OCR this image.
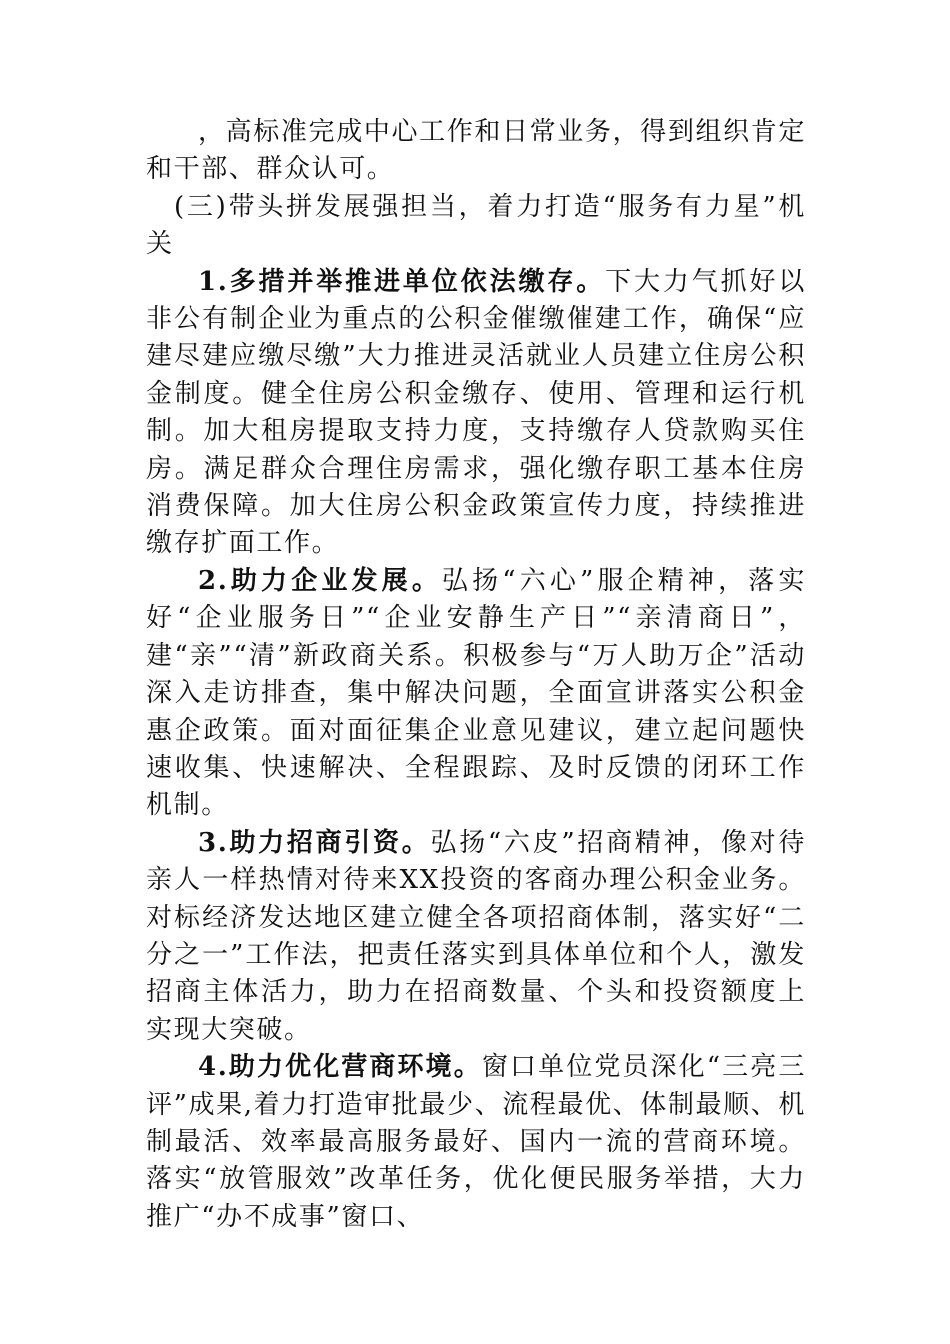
，高标准完成中心工作和日常业务，得到组织肯定和干部、群众认可。

(三)带头拼发展强担当，着力打造“服务有力星”机关

1.多措并举推进单位依法缴存。下大力气抓好以非公有制企业为重点的公积金催缴催建工作，确保“应建尽建应缴尽缴”大力推进灵活就业人员建立住房公积金制度。健全住房公积金缴存、使用、管理和运行机制。加大租房提取支持力度，支持缴存人贷款购买住房。满足群众合理住房需求，强化缴存职工基本住房消费保障。加大住房公积金政策宣传力度，持续推进缴存扩面工作。

2.助力企业发展。弘扬“六心”服企精神，落实好“企业服务日”“企业安静生产日”“亲清商日”，建“亲”“清”新政商关系。积极参与“万人助万企”活动深入走访排查，集中解决问题，全面宣讲落实公积金惠企政策。面对面征集企业意见建议，建立起问题快速收集、快速解决、全程跟踪、及时反馈的闭环工作机制。

3.助力招商引资。弘扬“六皮”招商精神，像对待亲人一样热情对待来XX投资的客商办理公积金业务。对标经济发达地区建立健全各项招商体制，落实好“二分之一”工作法，把责任落实到具体单位和个人，激发招商主体活力，助力在招商数量、个头和投资额度上实现大突破。

4.助力优化营商环境。窗口单位党员深化“三亮三评”成果,着力打造审批最少、流程最优、体制最顺、机制最活、效率最高服务最好、国内一流的营商环境。落实“放管服效”改革任务，优化便民服务举措，大力推广“办不成事”窗口、
